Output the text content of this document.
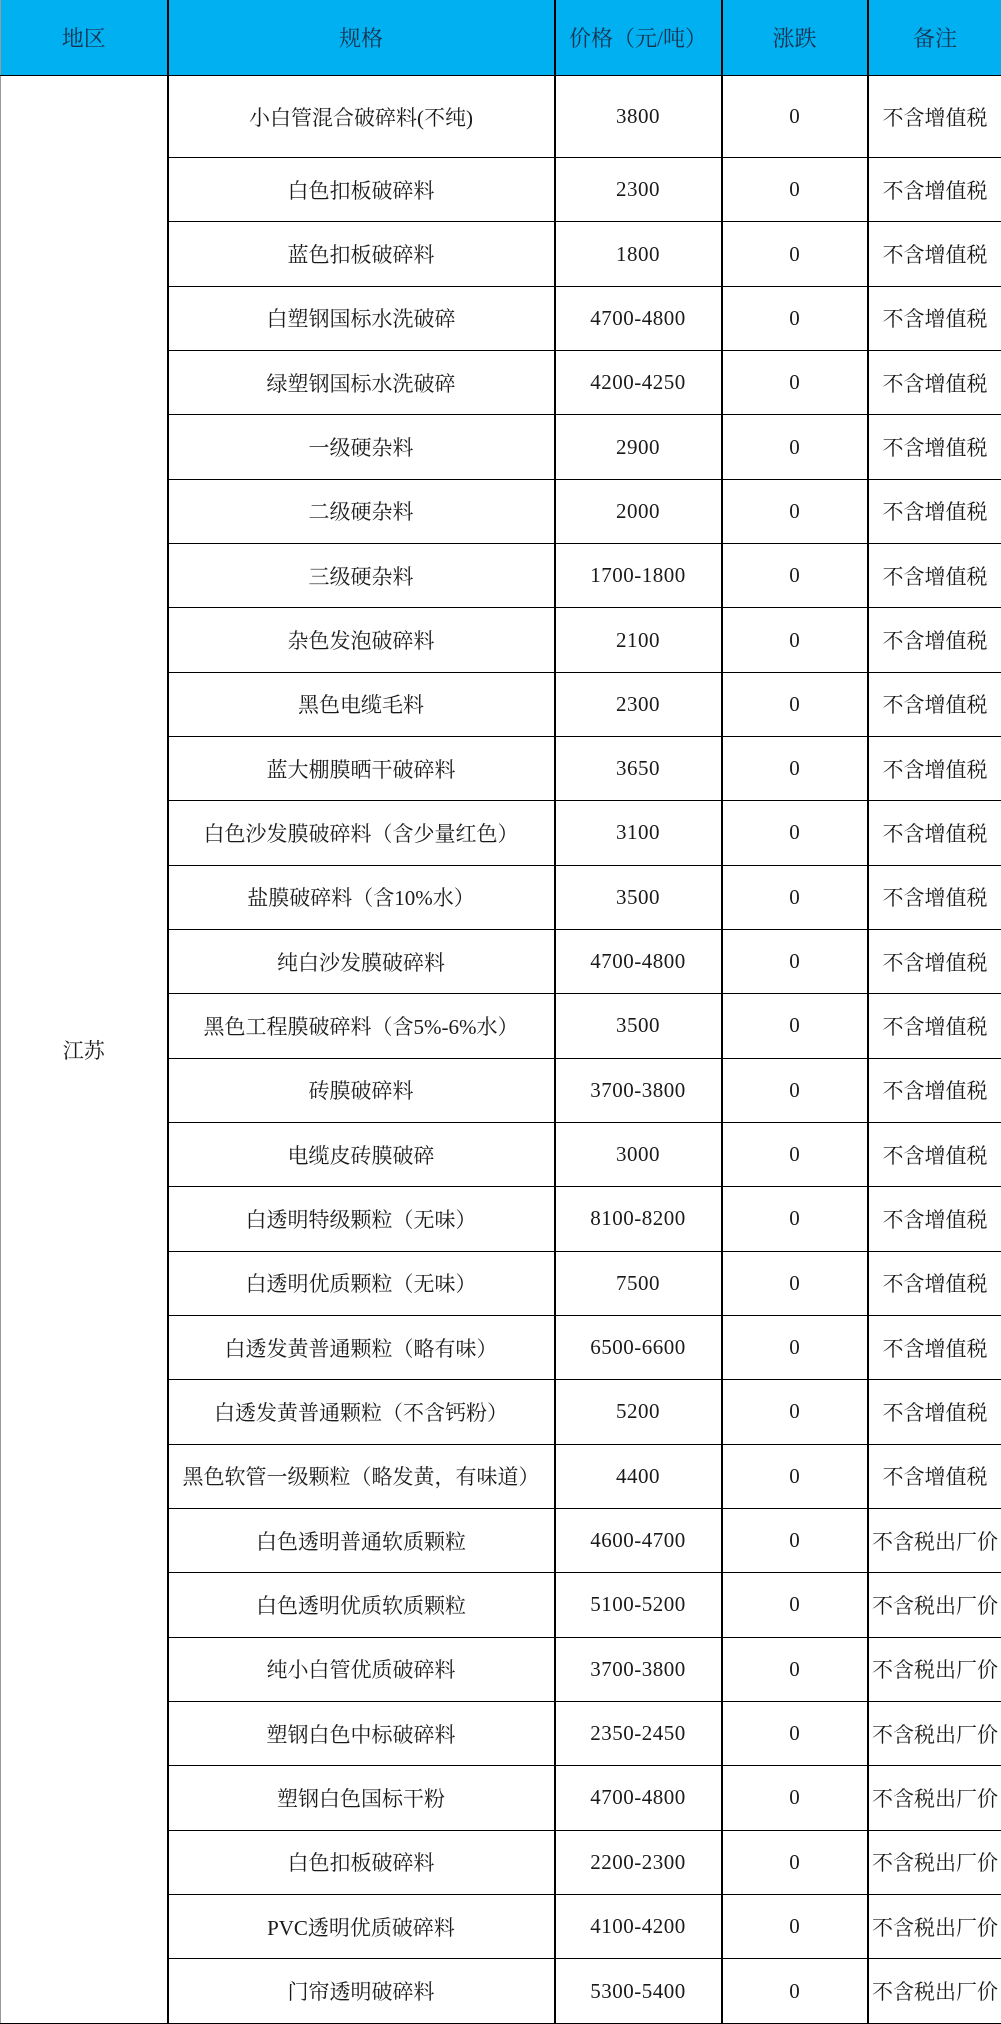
地区	规格	价格（元/吨）	涨跌	备注
江苏	小白管混合破碎料(不纯)	3800	0	不含增值税
	白色扣板破碎料	2300	0	不含增值税
	蓝色扣板破碎料	1800	0	不含增值税
	白塑钢国标水洗破碎	4700-4800	0	不含增值税
	绿塑钢国标水洗破碎	4200-4250	0	不含增值税
	一级硬杂料	2900	0	不含增值税
	二级硬杂料	2000	0	不含增值税
	三级硬杂料	1700-1800	0	不含增值税
	杂色发泡破碎料	2100	0	不含增值税
	黑色电缆毛料	2300	0	不含增值税
	蓝大棚膜晒干破碎料	3650	0	不含增值税
	白色沙发膜破碎料（含少量红色）	3100	0	不含增值税
	盐膜破碎料（含10%水）	3500	0	不含增值税
	纯白沙发膜破碎料	4700-4800	0	不含增值税
	黑色工程膜破碎料（含5%-6%水）	3500	0	不含增值税
	砖膜破碎料	3700-3800	0	不含增值税
	电缆皮砖膜破碎	3000	0	不含增值税
	白透明特级颗粒（无味）	8100-8200	0	不含增值税
	白透明优质颗粒（无味）	7500	0	不含增值税
	白透发黄普通颗粒（略有味）	6500-6600	0	不含增值税
	白透发黄普通颗粒（不含钙粉）	5200	0	不含增值税
	黑色软管一级颗粒（略发黄，有味道）	4400	0	不含增值税
	白色透明普通软质颗粒	4600-4700	0	不含税出厂价
	白色透明优质软质颗粒	5100-5200	0	不含税出厂价
	纯小白管优质破碎料	3700-3800	0	不含税出厂价
	塑钢白色中标破碎料	2350-2450	0	不含税出厂价
	塑钢白色国标干粉	4700-4800	0	不含税出厂价
	白色扣板破碎料	2200-2300	0	不含税出厂价
	PVC透明优质破碎料	4100-4200	0	不含税出厂价
	门帘透明破碎料	5300-5400	0	不含税出厂价
